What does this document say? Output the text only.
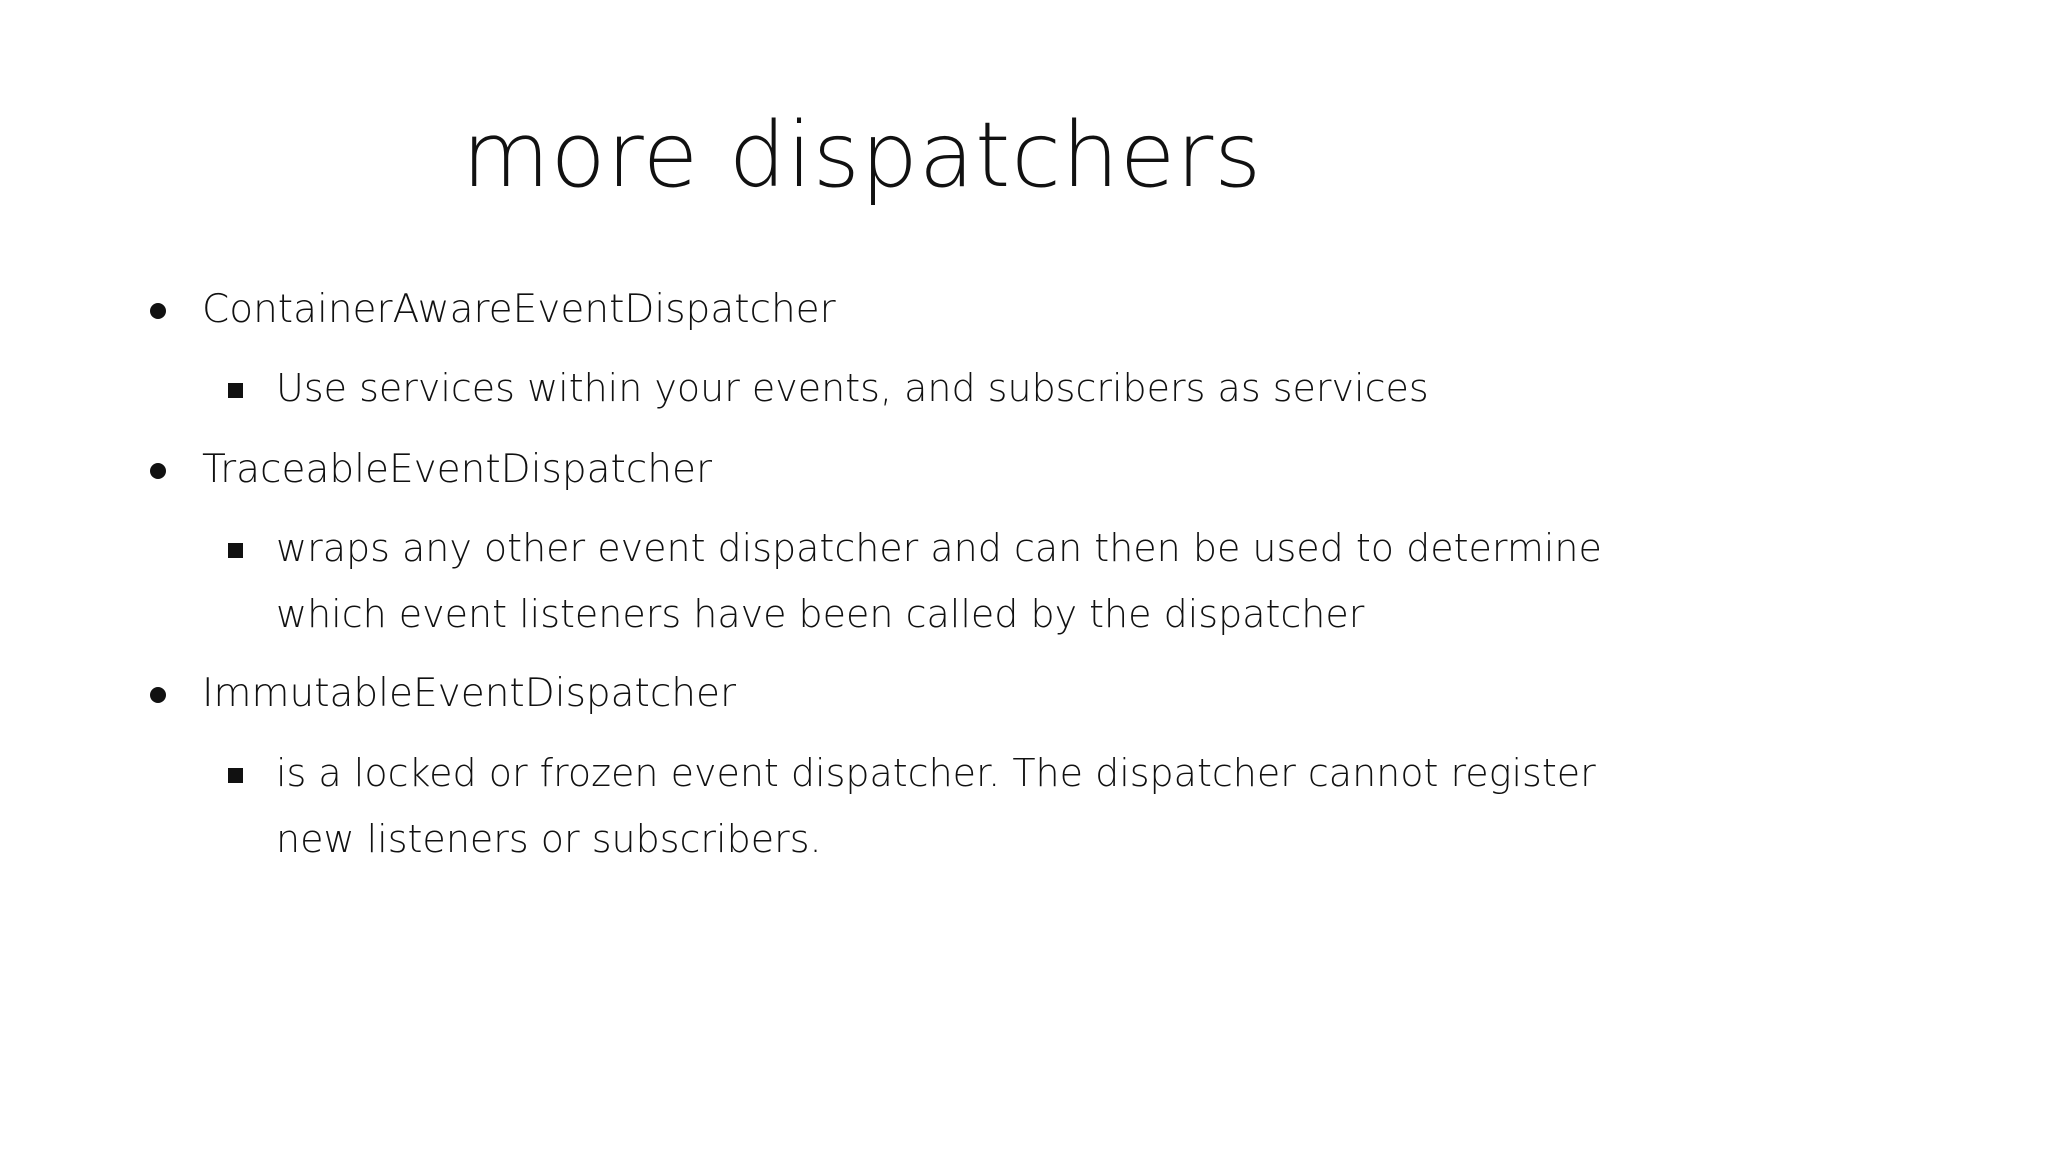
more dispatchers
ContainerAwareEventDispatcher
Use services within your events, and subscribers as services
TraceableEventDispatcher
wraps any other event dispatcher and can then be used to determine
which event listeners have been called by the dispatcher
ImmutableEventDispatcher
is a locked or frozen event dispatcher. The dispatcher cannot register
new listeners or subscribers.
